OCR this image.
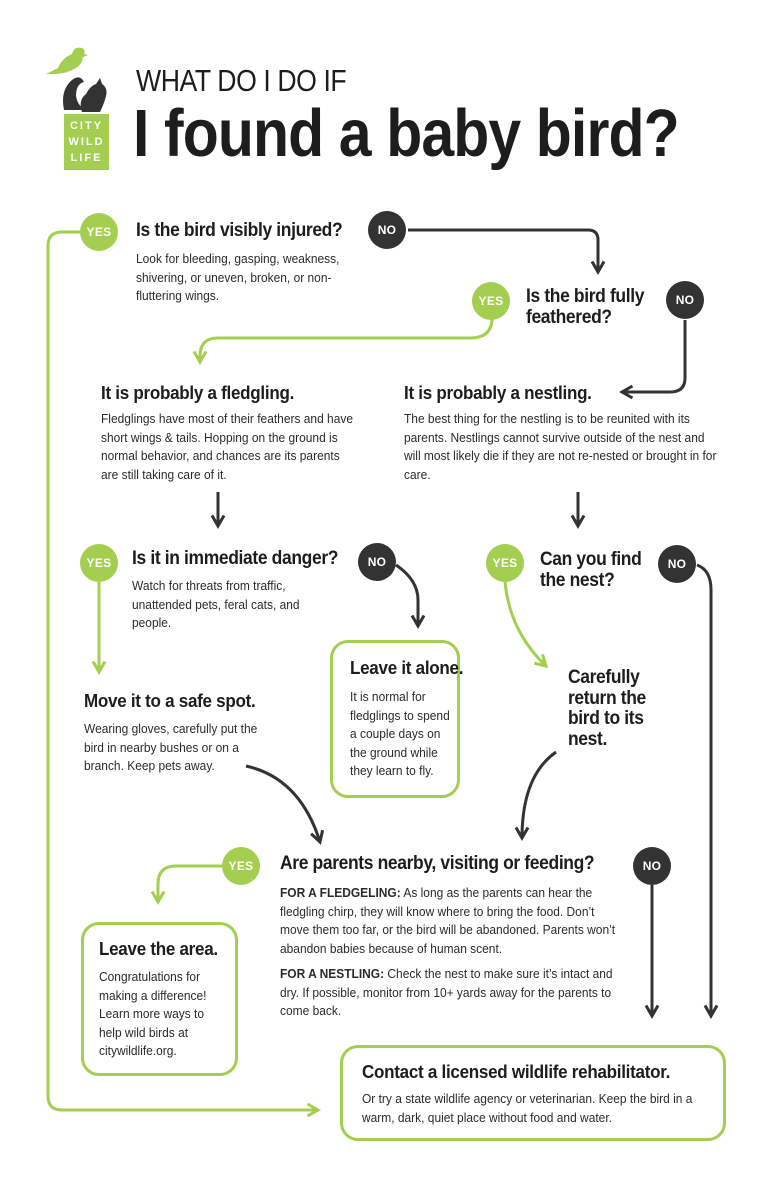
CITY
WILD
LIFE
WHAT DO I DO IF
I found a baby bird?
YES	Is the bird visibly injured?
Look for bleeding, gasping, weakness, shivering, or uneven, broken, or non-fluttering wings.
NO
YES	Is the bird fully
feathered?
NO
It is probably a fledgling.
Fledglings have most of their feathers and have short wings & tails. Hopping on the ground is normal behavior, and chances are its parents are still taking care of it.
It is probably a nestling.
The best thing for the nestling is to be reunited with its parents. Nestlings cannot survive outside of the nest and will most likely die if they are not re-nested or brought in for care.
YES	Is it in immediate danger?
Watch for threats from traffic, unattended pets, feral cats, and people.
NO	YES	Can you find
the nest?
NO
Leave it alone.
It is normal for fledglings to spend a couple days on the ground while they learn to fly.
Move it to a safe spot.
Wearing gloves, carefully put the bird in nearby bushes or on a branch. Keep pets away.
Carefully
return the
bird to its
nest.
YES	Are parents nearby, visiting or feeding?	NO
FOR A FLEDGELING: As long as the parents can hear the fledgling chirp, they will know where to bring the food. Don’t move them too far, or the bird will be abandoned. Parents won’t abandon babies because of human scent.
FOR A NESTLING: Check the nest to make sure it’s intact and dry. If possible, monitor from 10+ yards away for the parents to come back.
Leave the area.
Congratulations for making a difference! Learn more ways to help wild birds at citywildlife.org.
Contact a licensed wildlife rehabilitator.
Or try a state wildlife agency or veterinarian. Keep the bird in a warm, dark, quiet place without food and water.
